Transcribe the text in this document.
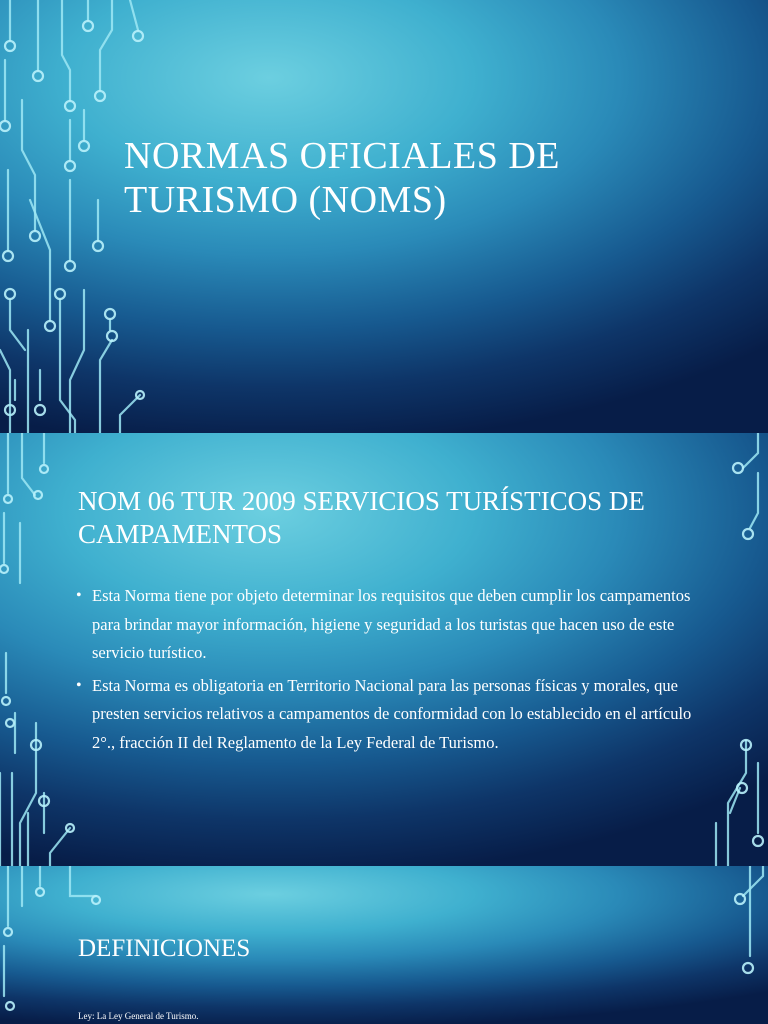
NORMAS OFICIALES DE TURISMO (NOMS)
NOM 06 TUR 2009 SERVICIOS TURÍSTICOS DE CAMPAMENTOS
• Esta Norma tiene por objeto determinar los requisitos que deben cumplir los campamentos para brindar mayor información, higiene y seguridad a los turistas que hacen uso de este servicio turístico.
• Esta Norma es obligatoria en Territorio Nacional para las personas físicas y morales, que presten servicios relativos a campamentos de conformidad con lo establecido en el artículo 2°., fracción II del Reglamento de la Ley Federal de Turismo.
DEFINICIONES

Ley: La Ley General de Turismo.
